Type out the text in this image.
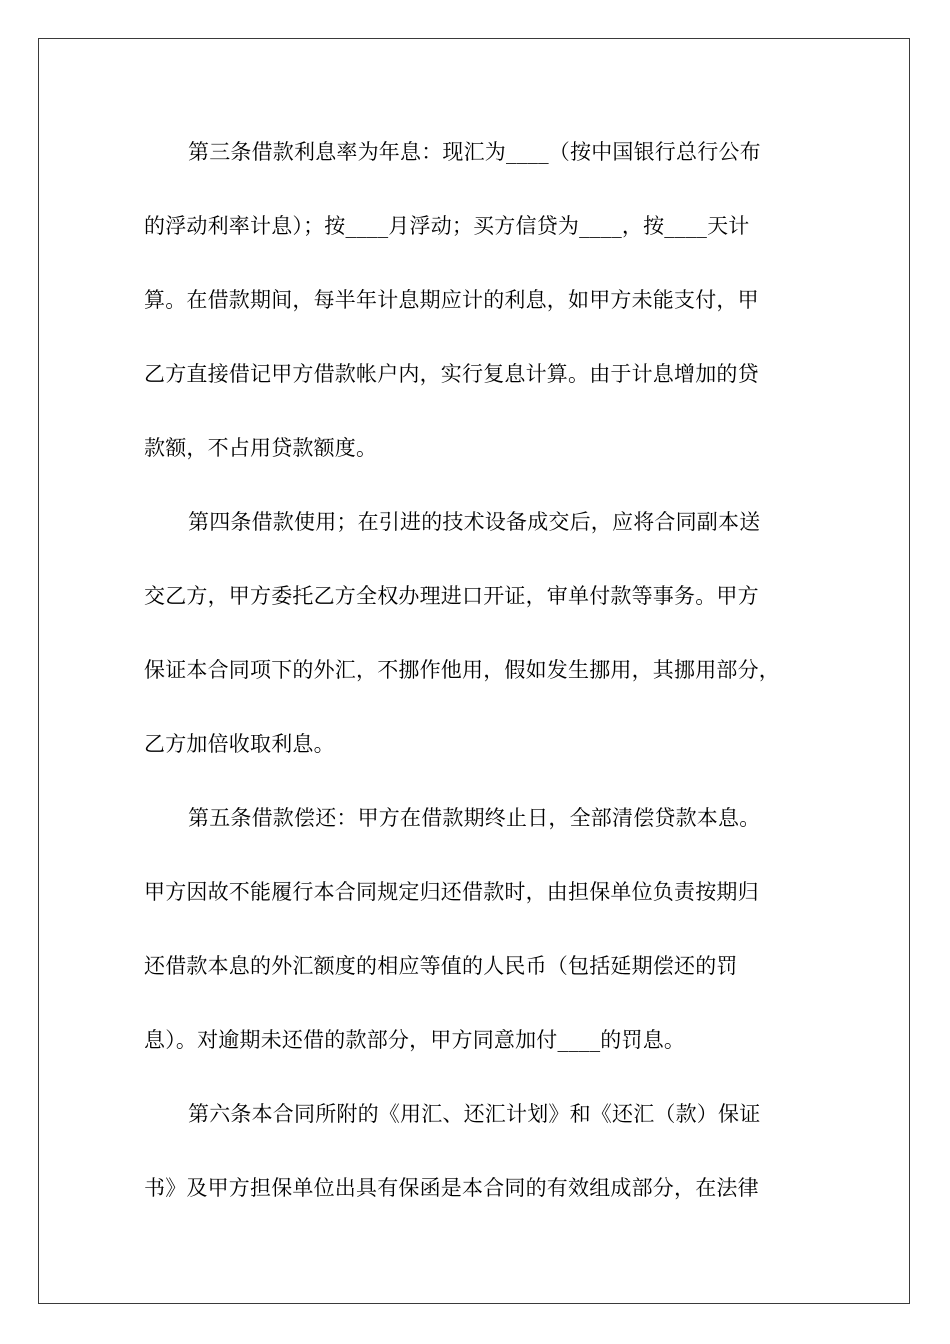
第三条借款利息率为年息：现汇为____（按中国银行总行公布
的浮动利率计息）；按____月浮动；买方信贷为____，按____天计
算。在借款期间，每半年计息期应计的利息，如甲方未能支付，甲
乙方直接借记甲方借款帐户内，实行复息计算。由于计息增加的贷
款额，不占用贷款额度。
第四条借款使用；在引进的技术设备成交后，应将合同副本送
交乙方，甲方委托乙方全权办理进口开证，审单付款等事务。甲方
保证本合同项下的外汇，不挪作他用，假如发生挪用，其挪用部分，
乙方加倍收取利息。
第五条借款偿还：甲方在借款期终止日，全部清偿贷款本息。
甲方因故不能履行本合同规定归还借款时，由担保单位负责按期归
还借款本息的外汇额度的相应等值的人民币（包括延期偿还的罚
息）。对逾期未还借的款部分，甲方同意加付____的罚息。
第六条本合同所附的《用汇、还汇计划》和《还汇（款）保证
书》及甲方担保单位出具有保函是本合同的有效组成部分，在法律
